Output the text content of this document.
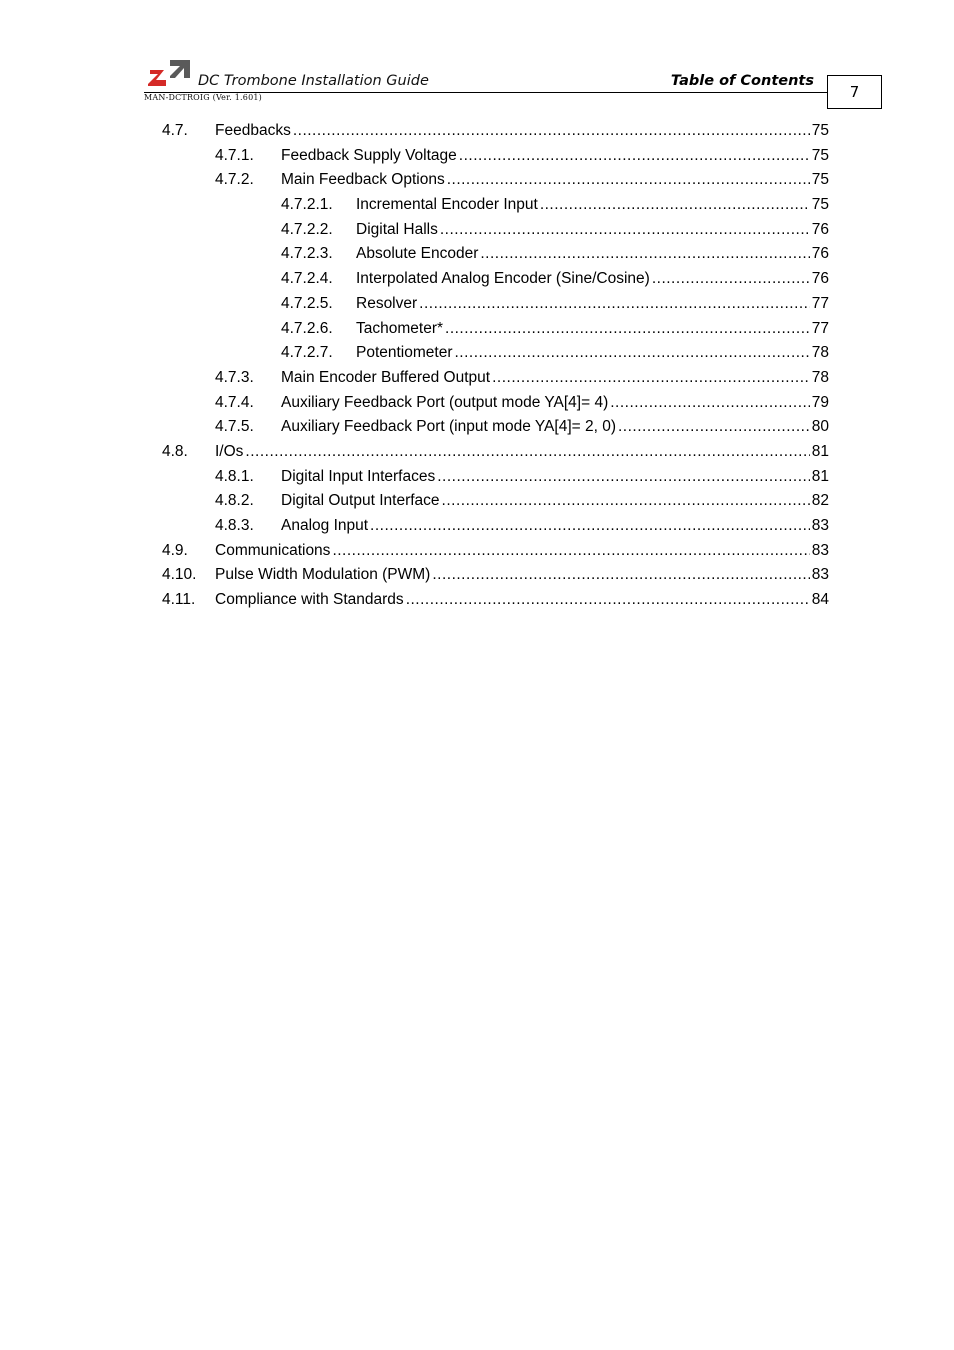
DC Trombone Installation Guide	Table of Contents
MAN-DCTROIG (Ver. 1.601)	7
4.7. Feedbacks .....	75
4.7.1. Feedback Supply Voltage .....	75
4.7.2. Main Feedback Options .....	75
4.7.2.1. Incremental Encoder Input .....	75
4.7.2.2. Digital Halls .....	76
4.7.2.3. Absolute Encoder .....	76
4.7.2.4. Interpolated Analog Encoder (Sine/Cosine) .....	76
4.7.2.5. Resolver .....	77
4.7.2.6. Tachometer* .....	77
4.7.2.7. Potentiometer .....	78
4.7.3. Main Encoder Buffered Output .....	78
4.7.4. Auxiliary Feedback Port (output mode YA[4]= 4) .....	79
4.7.5. Auxiliary Feedback Port (input mode YA[4]= 2, 0) .....	80
4.8. I/Os .....	81
4.8.1. Digital Input Interfaces .....	81
4.8.2. Digital Output Interface .....	82
4.8.3. Analog Input .....	83
4.9. Communications .....	83
4.10. Pulse Width Modulation (PWM) .....	83
4.11. Compliance with Standards .....	84
